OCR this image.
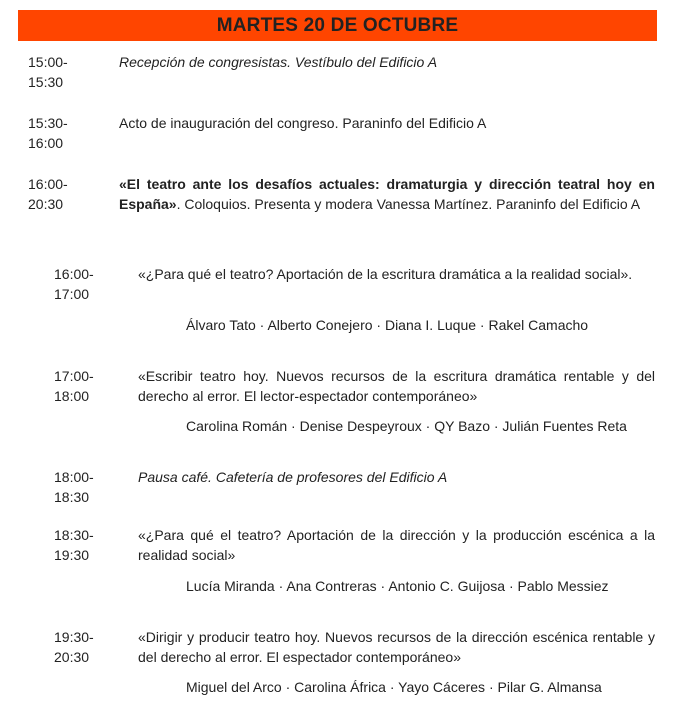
MARTES 20 DE OCTUBRE
15:00-
15:30
Recepción de congresistas. Vestíbulo del Edificio A
15:30-
16:00
Acto de inauguración del congreso. Paraninfo del Edificio A
16:00-
20:30
«El teatro ante los desafíos actuales: dramaturgia y dirección teatral hoy en España». Coloquios. Presenta y modera Vanessa Martínez. Paraninfo del Edificio A
16:00-
17:00
«¿Para qué el teatro? Aportación de la escritura dramática a la realidad social».
Álvaro Tato · Alberto Conejero · Diana I. Luque · Rakel Camacho
17:00-
18:00
«Escribir teatro hoy. Nuevos recursos de la escritura dramática rentable y del derecho al error. El lector-espectador contemporáneo»
Carolina Román · Denise Despeyroux · QY Bazo · Julián Fuentes Reta
18:00-
18:30
Pausa café. Cafetería de profesores del Edificio A
18:30-
19:30
«¿Para qué el teatro? Aportación de la dirección y la producción escénica a la realidad social»
Lucía Miranda · Ana Contreras · Antonio C. Guijosa · Pablo Messiez
19:30-
20:30
«Dirigir y producir teatro hoy. Nuevos recursos de la dirección escénica rentable y del derecho al error. El espectador contemporáneo»
Miguel del Arco · Carolina África · Yayo Cáceres · Pilar G. Almansa
